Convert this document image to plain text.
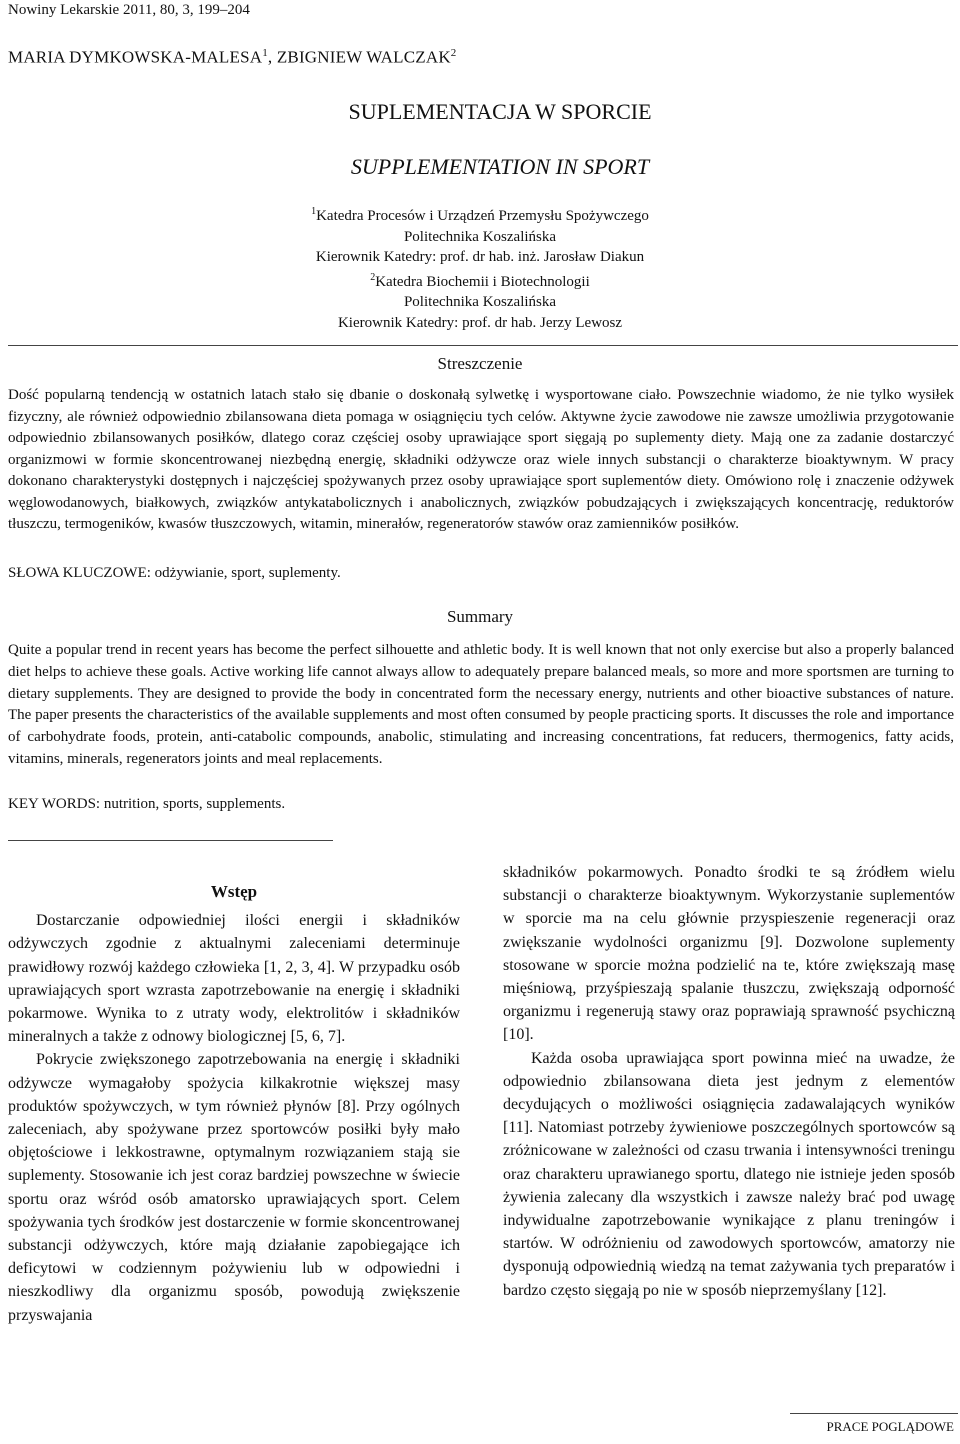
Nowiny Lekarskie 2011, 80, 3, 199–204
MARIA DYMKOWSKA-MALESA$^1$, ZBIGNIEW WALCZAK$^2$
SUPLEMENTACJA W SPORCIE
SUPPLEMENTATION IN SPORT
$^1$Katedra Procesów i Urządzeń Przemysłu Spożywczego
Politechnika Koszalińska
Kierownik Katedry: prof. dr hab. inż. Jarosław Diakun
$^2$Katedra Biochemii i Biotechnologii
Politechnika Koszalińska
Kierownik Katedry: prof. dr hab. Jerzy Lewosz
Streszczenie
Dość popularną tendencją w ostatnich latach stało się dbanie o doskonałą sylwetkę i wysportowane ciało. Powszechnie wiadomo, że nie tylko wysiłek fizyczny, ale również odpowiednio zbilansowana dieta pomaga w osiągnięciu tych celów. Aktywne życie zawodowe nie zawsze umożliwia przygotowanie odpowiednio zbilansowanych posiłków, dlatego coraz częściej osoby uprawiające sport sięgają po suplementy diety. Mają one za zadanie dostarczyć organizmowi w formie skoncentrowanej niezbędną energię, składniki odżywcze oraz wiele innych substancji o charakterze bioaktywnym. W pracy dokonano charakterystyki dostępnych i najczęściej spożywanych przez osoby uprawiające sport suplementów diety. Omówiono rolę i znaczenie odżywek węglowodanowych, białkowych, związków antykatabolicznych i anabolicznych, związków pobudzających i zwiększających koncentrację, reduktorów tłuszczu, termogeników, kwasów tłuszczowych, witamin, minerałów, regeneratorów stawów oraz zamienników posiłków.
SŁOWA KLUCZOWE: odżywianie, sport, suplementy.
Summary
Quite a popular trend in recent years has become the perfect silhouette and athletic body. It is well known that not only exercise but also a properly balanced diet helps to achieve these goals. Active working life cannot always allow to adequately prepare balanced meals, so more and more sportsmen are turning to dietary supplements. They are designed to provide the body in concentrated form the necessary energy, nutrients and other bioactive substances of nature. The paper presents the characteristics of the available supplements and most often consumed by people practicing sports. It discusses the role and importance of carbohydrate foods, protein, anti-catabolic compounds, anabolic, stimulating and increasing concentrations, fat reducers, thermogenics, fatty acids, vitamins, minerals, regenerators joints and meal replacements.
KEY WORDS: nutrition, sports, supplements.
Wstęp

Dostarczanie odpowiedniej ilości energii i składników odżywczych zgodnie z aktualnymi zaleceniami determinuje prawidłowy rozwój każdego człowieka [1, 2, 3, 4]. W przypadku osób uprawiających sport wzrasta zapotrzebowanie na energię i składniki pokarmowe. Wynika to z utraty wody, elektrolitów i składników mineralnych a także z odnowy biologicznej [5, 6, 7].

Pokrycie zwiększonego zapotrzebowania na energię i składniki odżywcze wymagałoby spożycia kilkakrotnie większej masy produktów spożywczych, w tym również płynów [8]. Przy ogólnych zaleceniach, aby spożywane przez sportowców posiłki były mało objętościowe i lekkostrawne, optymalnym rozwiązaniem stają sie suplementy. Stosowanie ich jest coraz bardziej powszechne w świecie sportu oraz wśród osób amatorsko uprawiających sport. Celem spożywania tych środków jest dostarczenie w formie skoncentrowanej substancji odżywczych, które mają działanie zapobiegające ich deficytowi w codziennym pożywieniu lub w odpowiedni i nieszkodliwy dla organizmu sposób, powodują zwiększenie przyswajania

składników pokarmowych. Ponadto środki te są źródłem wielu substancji o charakterze bioaktywnym. Wykorzystanie suplementów w sporcie ma na celu głównie przyspieszenie regeneracji oraz zwiększanie wydolności organizmu [9]. Dozwolone suplementy stosowane w sporcie można podzielić na te, które zwiększają masę mięśniową, przyśpieszają spalanie tłuszczu, zwiększają odporność organizmu i regenerują stawy oraz poprawiają sprawność psychiczną [10].

Każda osoba uprawiająca sport powinna mieć na uwadze, że odpowiednio zbilansowana dieta jest jednym z elementów decydujących o możliwości osiągnięcia zadawalających wyników [11]. Natomiast potrzeby żywieniowe poszczególnych sportowców są zróżnicowane w zależności od czasu trwania i intensywności treningu oraz charakteru uprawianego sportu, dlatego nie istnieje jeden sposób żywienia zalecany dla wszystkich i zawsze należy brać pod uwagę indywidualne zapotrzebowanie wynikające z planu treningów i startów. W odróżnieniu od zawodowych sportowców, amatorzy nie dysponują odpowiednią wiedzą na temat zażywania tych preparatów i bardzo często sięgają po nie w sposób nieprzemyślany [12].

PRACE POGLĄDOWE
